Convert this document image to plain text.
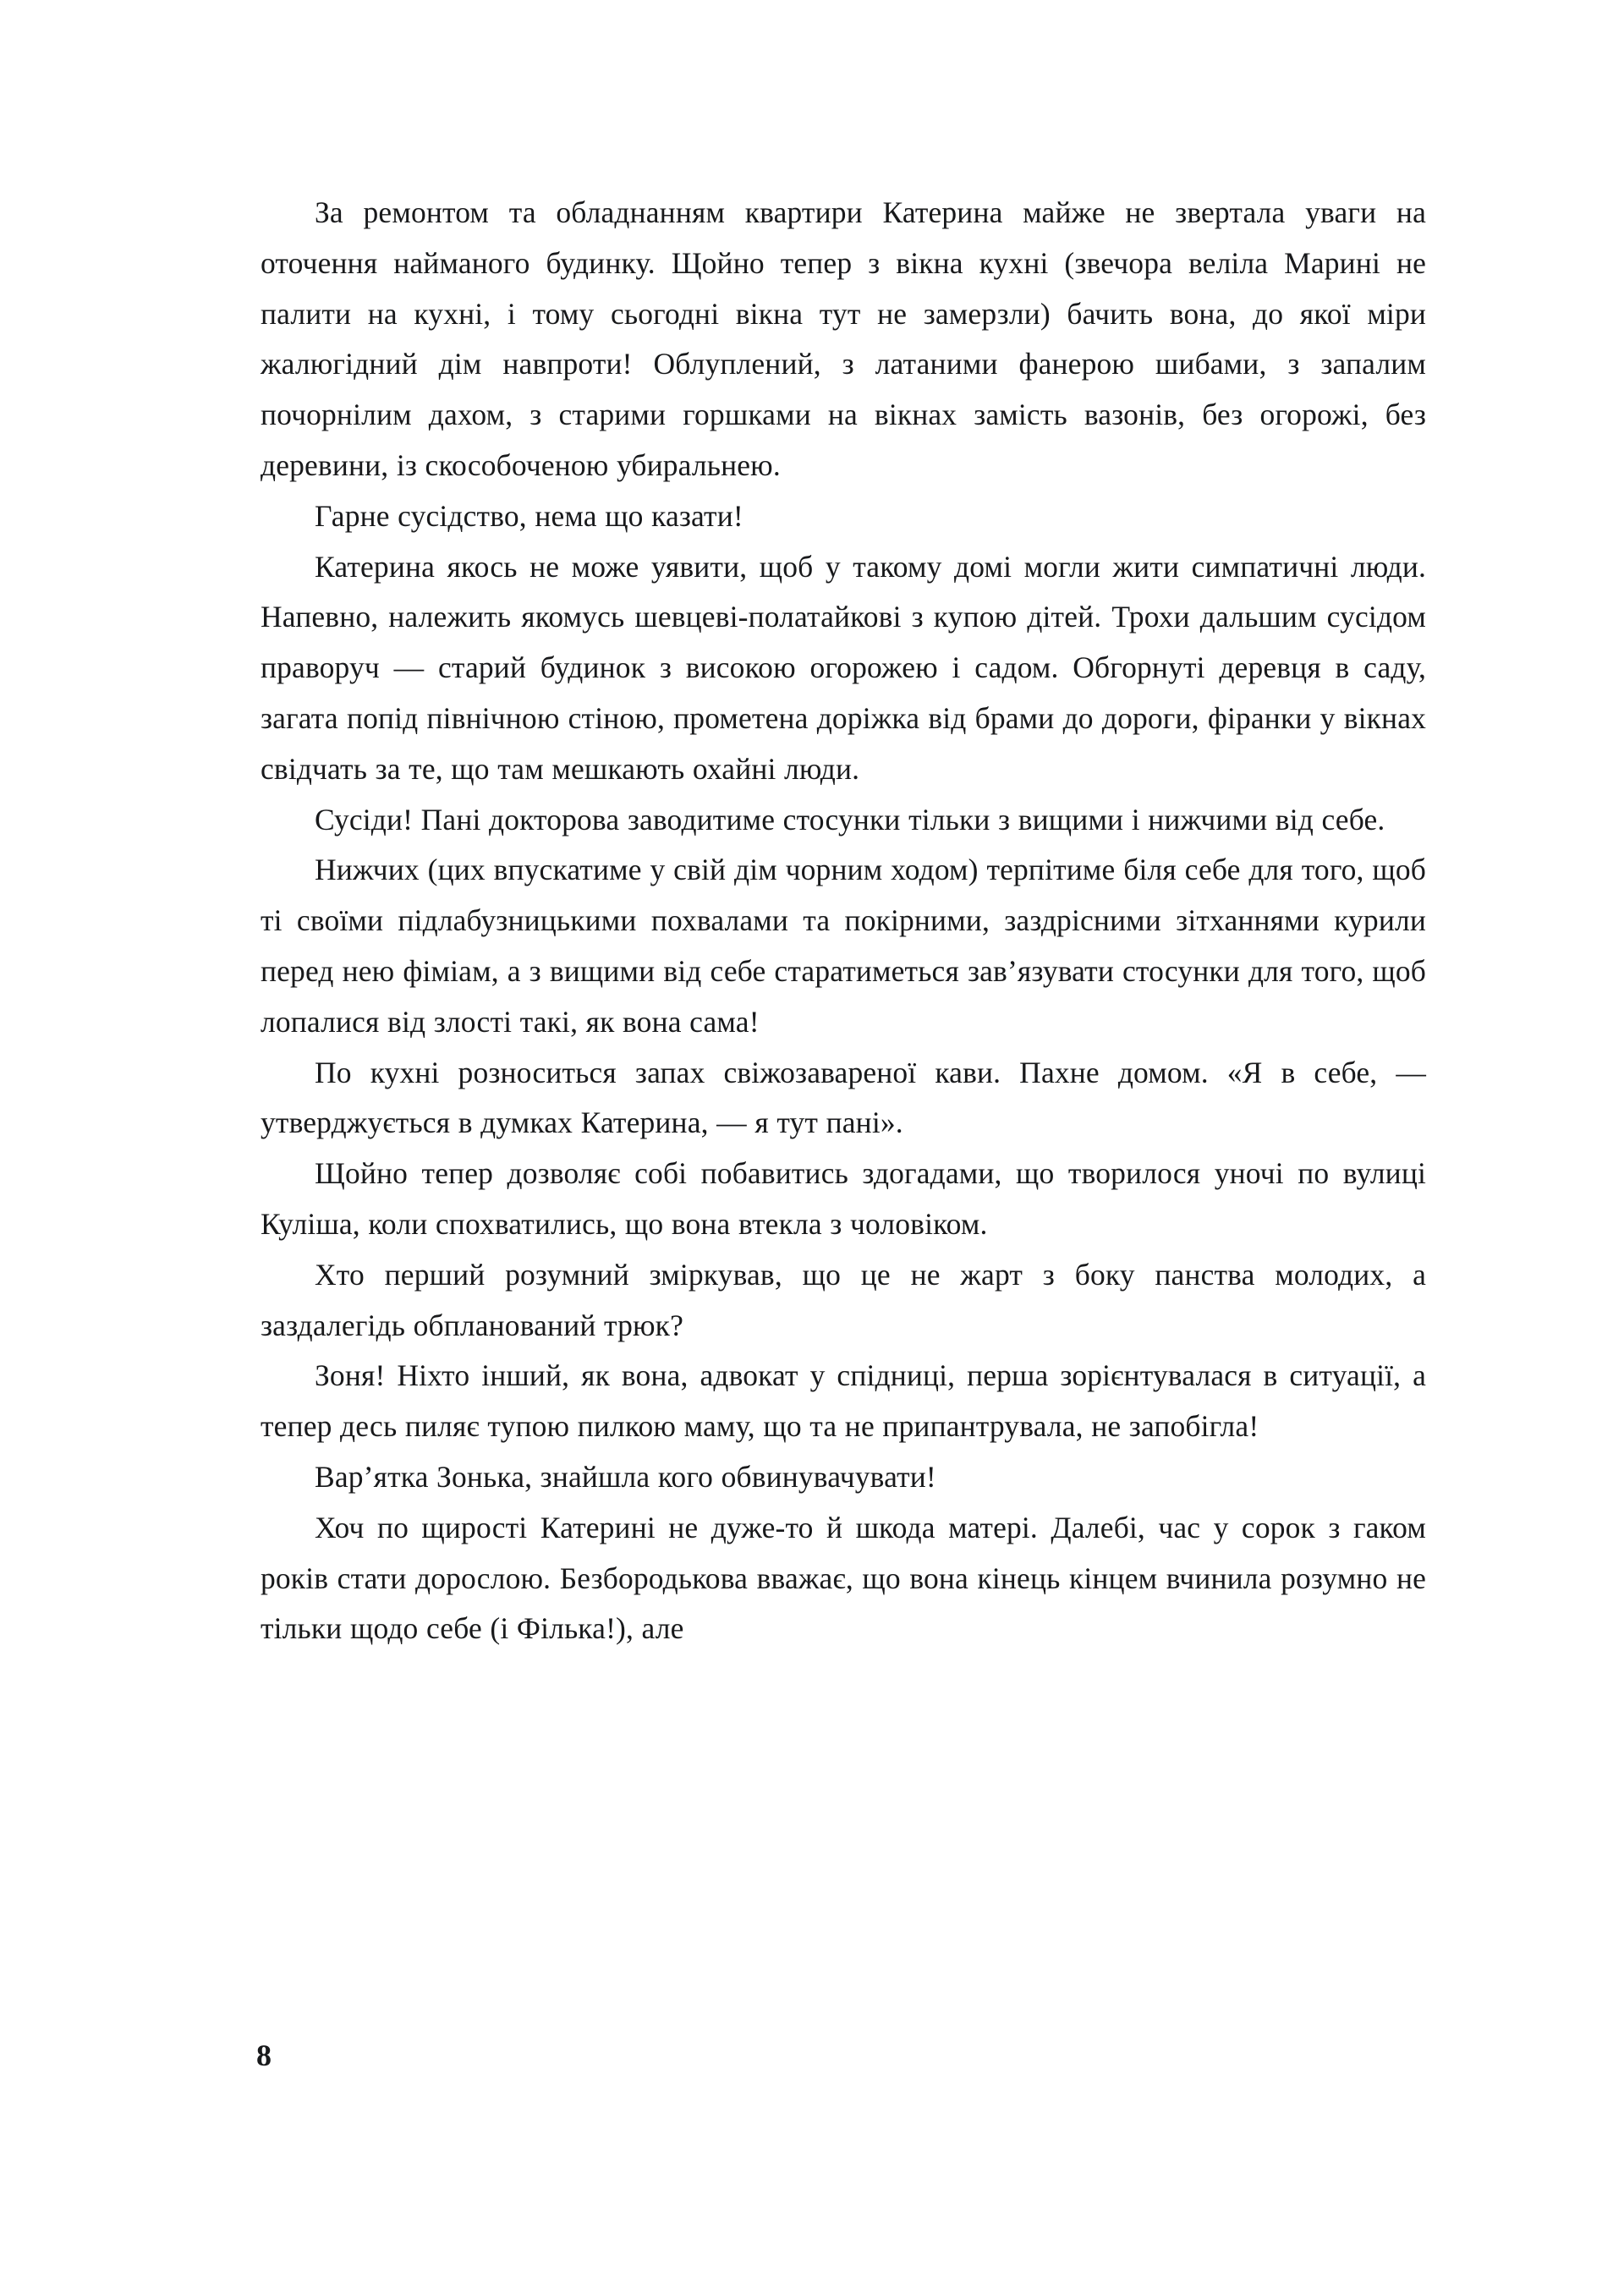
За ремонтом та обладнанням квартири Катерина майже не звертала уваги на оточення найманого будинку. Щойно тепер з вікна кухні (звечора веліла Марині не палити на кухні, і тому сьогодні вікна тут не замерзли) бачить вона, до якої міри жалюгідний дім навпроти! Облуплений, з латаними фанерою шибами, з запалим почорнілим дахом, з старими горшками на вікнах замість вазонів, без огорожі, без деревини, із скособоченою убиральнею.

Гарне сусідство, нема що казати!

Катерина якось не може уявити, щоб у такому домі могли жити симпатичні люди. Напевно, належить якомусь шевцеві-полатайкові з купою дітей. Трохи дальшим сусідом праворуч — старий будинок з високою огорожею і садом. Обгорнуті деревця в саду, загата попід північною стіною, прометена доріжка від брами до дороги, фіранки у вікнах свідчать за те, що там мешкають охайні люди.

Сусіди! Пані докторова заводитиме стосунки тільки з вищими і нижчими від себе.

Нижчих (цих впускатиме у свій дім чорним ходом) терпітиме біля себе для того, щоб ті своїми підлабузницькими похвалами та покірними, заздрісними зітханнями курили перед нею фіміам, а з вищими від себе старатиметься зав’язувати стосунки для того, щоб лопалися від злості такі, як вона сама!

По кухні розноситься запах свіжозавареної кави. Пахне домом. «Я в себе, — утверджується в думках Катерина, — я тут пані».

Щойно тепер дозволяє собі побавитись здогадами, що творилося уночі по вулиці Куліша, коли спохватились, що вона втекла з чоловіком.

Хто перший розумний зміркував, що це не жарт з боку панства молодих, а заздалегідь обпланований трюк?

Зоня! Ніхто інший, як вона, адвокат у спідниці, перша зорієнтувалася в ситуації, а тепер десь пиляє тупою пилкою маму, що та не припантрувала, не запобігла!

Вар’ятка Зонька, знайшла кого обвинувачувати!

Хоч по щирості Катерині не дуже-то й шкода матері. Далебі, час у сорок з гаком років стати дорослою. Безбородькова вважає, що вона кінець кінцем вчинила розумно не тільки щодо себе (і Філька!), але

8
